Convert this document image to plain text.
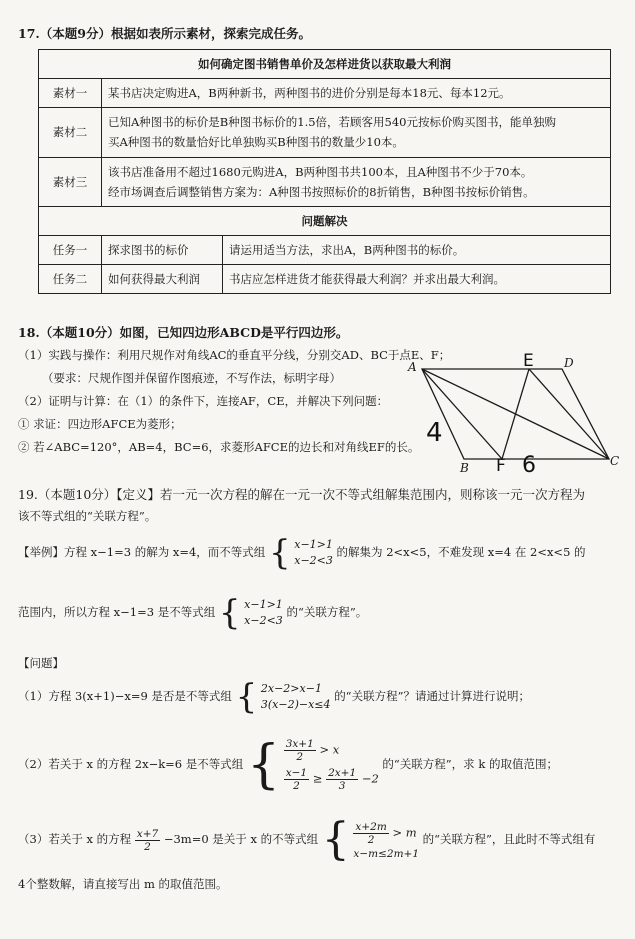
17.（本题9分）根据如表所示素材，探索完成任务。
如何确定图书销售单价及怎样进货以获取最大利润		
素材一	某书店决定购进A，B两种新书，两种图书的进价分别是每本18元、每本12元。	
素材二	已知A种图书的标价是B种图书标价的1.5倍，若顾客用540元按标价购买图书，能单独购
买A种图书的数量恰好比单独购买B种图书的数量少10本。	

素材三	该书店准备用不超过1680元购进A，B两种图书共100本，且A种图书不少于70本。
经市场调查后调整销售方案为：A种图书按照标价的8折销售，B种图书按标价销售。	

问题解决		
任务一	探求图书的标价	请运用适当方法，求出A，B两种图书的标价。
任务二	如何获得最大利润	书店应怎样进货才能获得最大利润？并求出最大利润。
18.（本题10分）如图，已知四边形ABCD是平行四边形。
（1）实践与操作：利用尺规作对角线AC的垂直平分线，分别交AD、BC于点E、F；
（要求：尺规作图并保留作图痕迹，不写作法，标明字母）
（2）证明与计算：在（1）的条件下，连接AF，CE，并解决下列问题：
① 求证：四边形AFCE为菱形；
② 若∠ABC=120°，AB=4，BC=6，求菱形AFCE的边长和对角线EF的长。
A	D
B	C
E
F
4
6
19.（本题10分）【定义】若一元一次方程的解在一元一次不等式组解集范围内，则称该一元一次方程为
该不等式组的“关联方程”。
【举例】方程 x−1=3 的解为 x=4，而不等式组 { x−1>1
x−2<3
的解集为 2<x<5，不难发现 x=4 在 2<x<5 的
范围内，所以方程 x−1=3 是不等式组 { x−1>1
x−2<3
的“关联方程”。
【问题】
（1）方程 3(x+1)−x=9 是否是不等式组 { 2x−2>x−1
3(x−2)−x≤4
的“关联方程”？请通过计算进行说明；
（2）若关于 x 的方程 2x−k=6 是不等式组 { $\frac{3x+1}{2} > x$
$\frac{x-1}{2} \ge \frac{2x+1}{3} -2$
的“关联方程”，求 k 的取值范围；
（3）若关于 x 的方程 $\frac{x+7}{2} -3m=0$ 是关于 x 的不等式组 { $\frac{x+2m}{2} > m$
x−m≤2m+1
的“关联方程”，且此时不等式组有
4个整数解，请直接写出 m 的取值范围。
